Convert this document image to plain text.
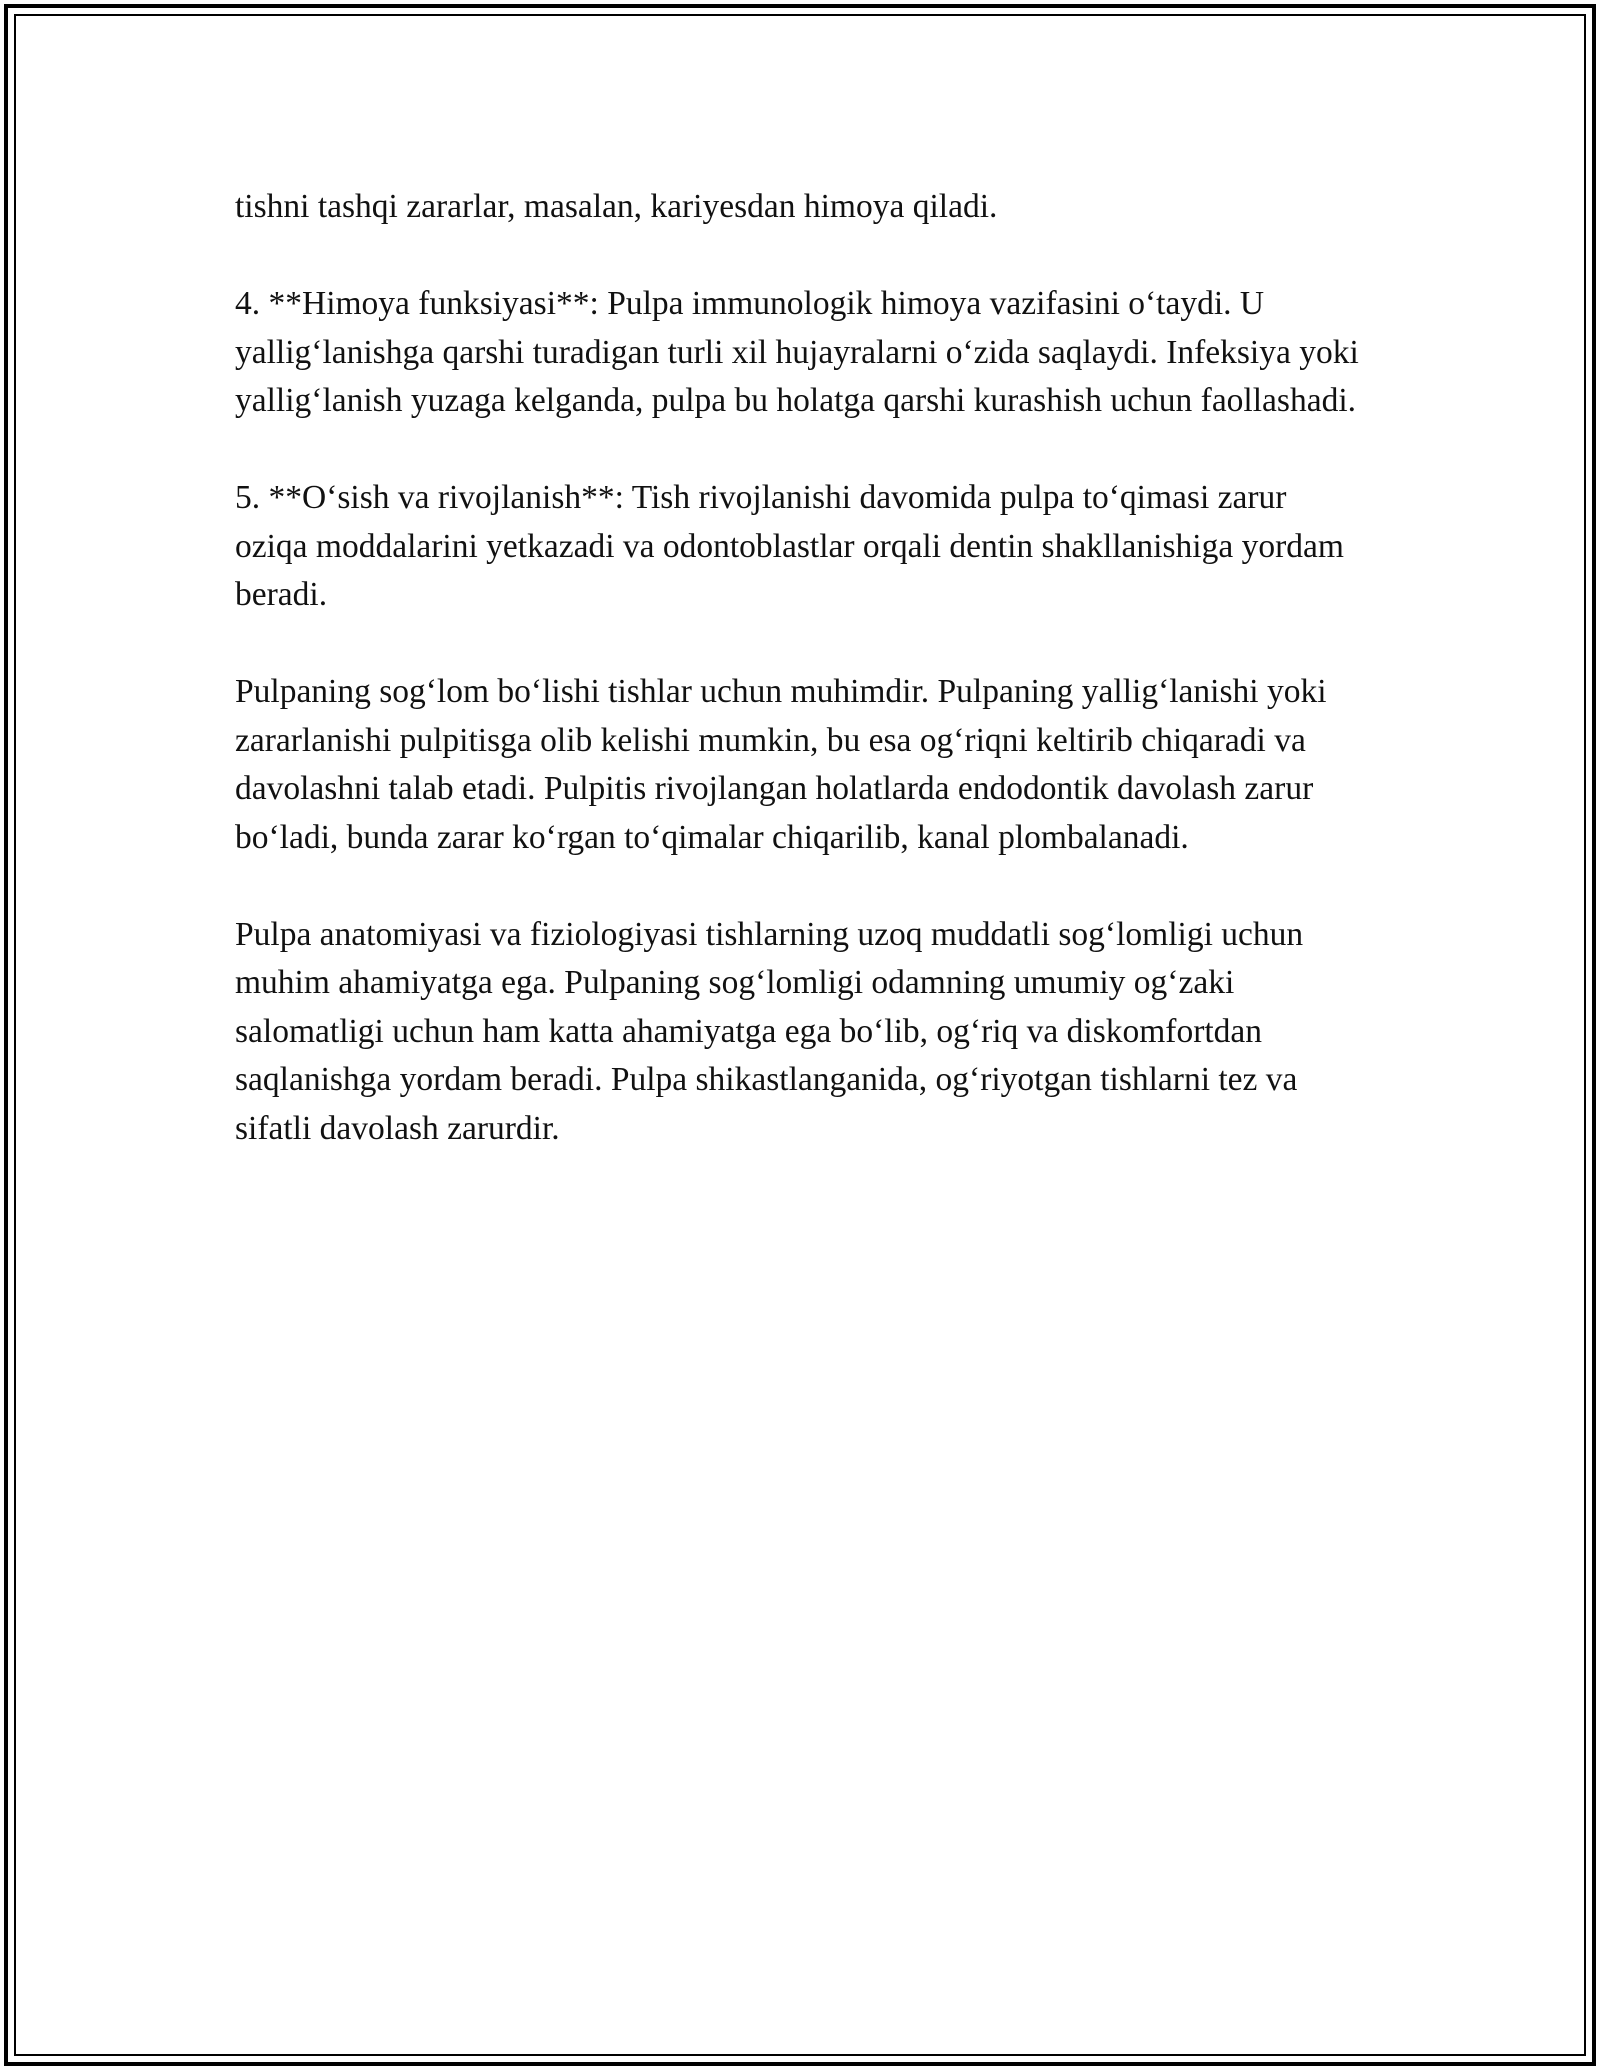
tishni tashqi zararlar, masalan, kariyesdan himoya qiladi.

4. **Himoya funksiyasi**: Pulpa immunologik himoya vazifasini o‘taydi. U yallig‘lanishga qarshi turadigan turli xil hujayralarni o‘zida saqlaydi. Infeksiya yoki yallig‘lanish yuzaga kelganda, pulpa bu holatga qarshi kurashish uchun faollashadi.

5. **O‘sish va rivojlanish**: Tish rivojlanishi davomida pulpa to‘qimasi zarur oziqa moddalarini yetkazadi va odontoblastlar orqali dentin shakllanishiga yordam beradi.

Pulpaning sog‘lom bo‘lishi tishlar uchun muhimdir. Pulpaning yallig‘lanishi yoki zararlanishi pulpitisga olib kelishi mumkin, bu esa og‘riqni keltirib chiqaradi va davolashni talab etadi. Pulpitis rivojlangan holatlarda endodontik davolash zarur bo‘ladi, bunda zarar ko‘rgan to‘qimalar chiqarilib, kanal plombalanadi.

Pulpa anatomiyasi va fiziologiyasi tishlarning uzoq muddatli sog‘lomligi uchun muhim ahamiyatga ega. Pulpaning sog‘lomligi odamning umumiy og‘zaki salomatligi uchun ham katta ahamiyatga ega bo‘lib, og‘riq va diskomfortdan saqlanishga yordam beradi. Pulpa shikastlanganida, og‘riyotgan tishlarni tez va sifatli davolash zarurdir.
